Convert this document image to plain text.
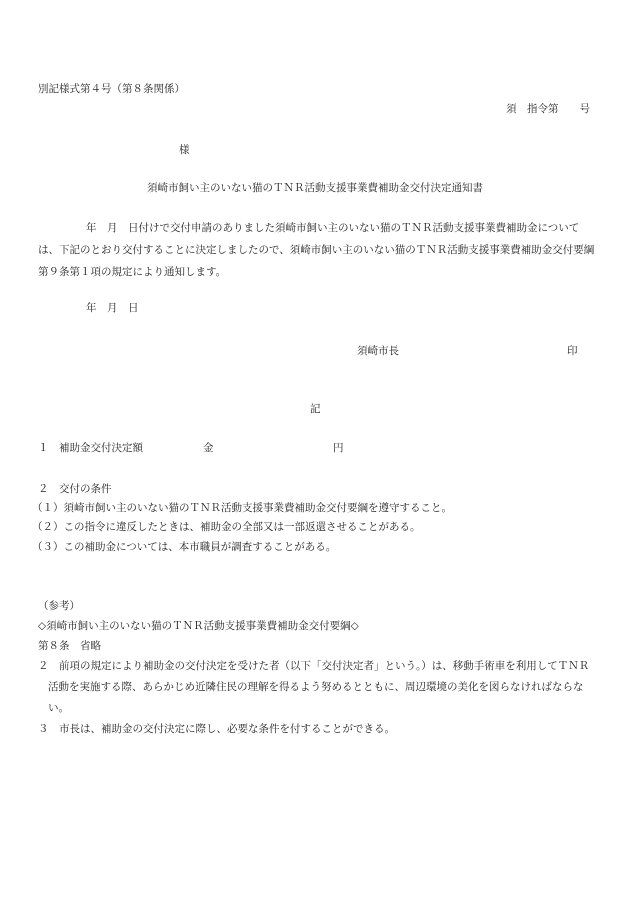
別記様式第４号（第８条関係）
須　指令第　　号
様
須崎市飼い主のいない猫のＴＮＲ活動支援事業費補助金交付決定通知書
年　月　日付けで交付申請のありました須崎市飼い主のいない猫のＴＮＲ活動支援事業費補助金については、下記のとおり交付することに決定しましたので、須崎市飼い主のいない猫のＴＮＲ活動支援事業費補助金交付要綱第９条第１項の規定により通知します。
年　月　日
須崎市長	印
記
１　補助金交付決定額	金	円
２　交付の条件
（１）須崎市飼い主のいない猫のＴＮＲ活動支援事業費補助金交付要綱を遵守すること。
（２）この指令に違反したときは、補助金の全部又は一部返還させることがある。
（３）この補助金については、本市職員が調査することがある。
（参考）
◇須崎市飼い主のいない猫のＴＮＲ活動支援事業費補助金交付要綱◇
第８条　省略
２　前項の規定により補助金の交付決定を受けた者（以下「交付決定者」という。）は、移動手術車を利用してＴＮＲ活動を実施する際、あらかじめ近隣住民の理解を得るよう努めるとともに、周辺環境の美化を図らなければならない。
３　市長は、補助金の交付決定に際し、必要な条件を付することができる。
